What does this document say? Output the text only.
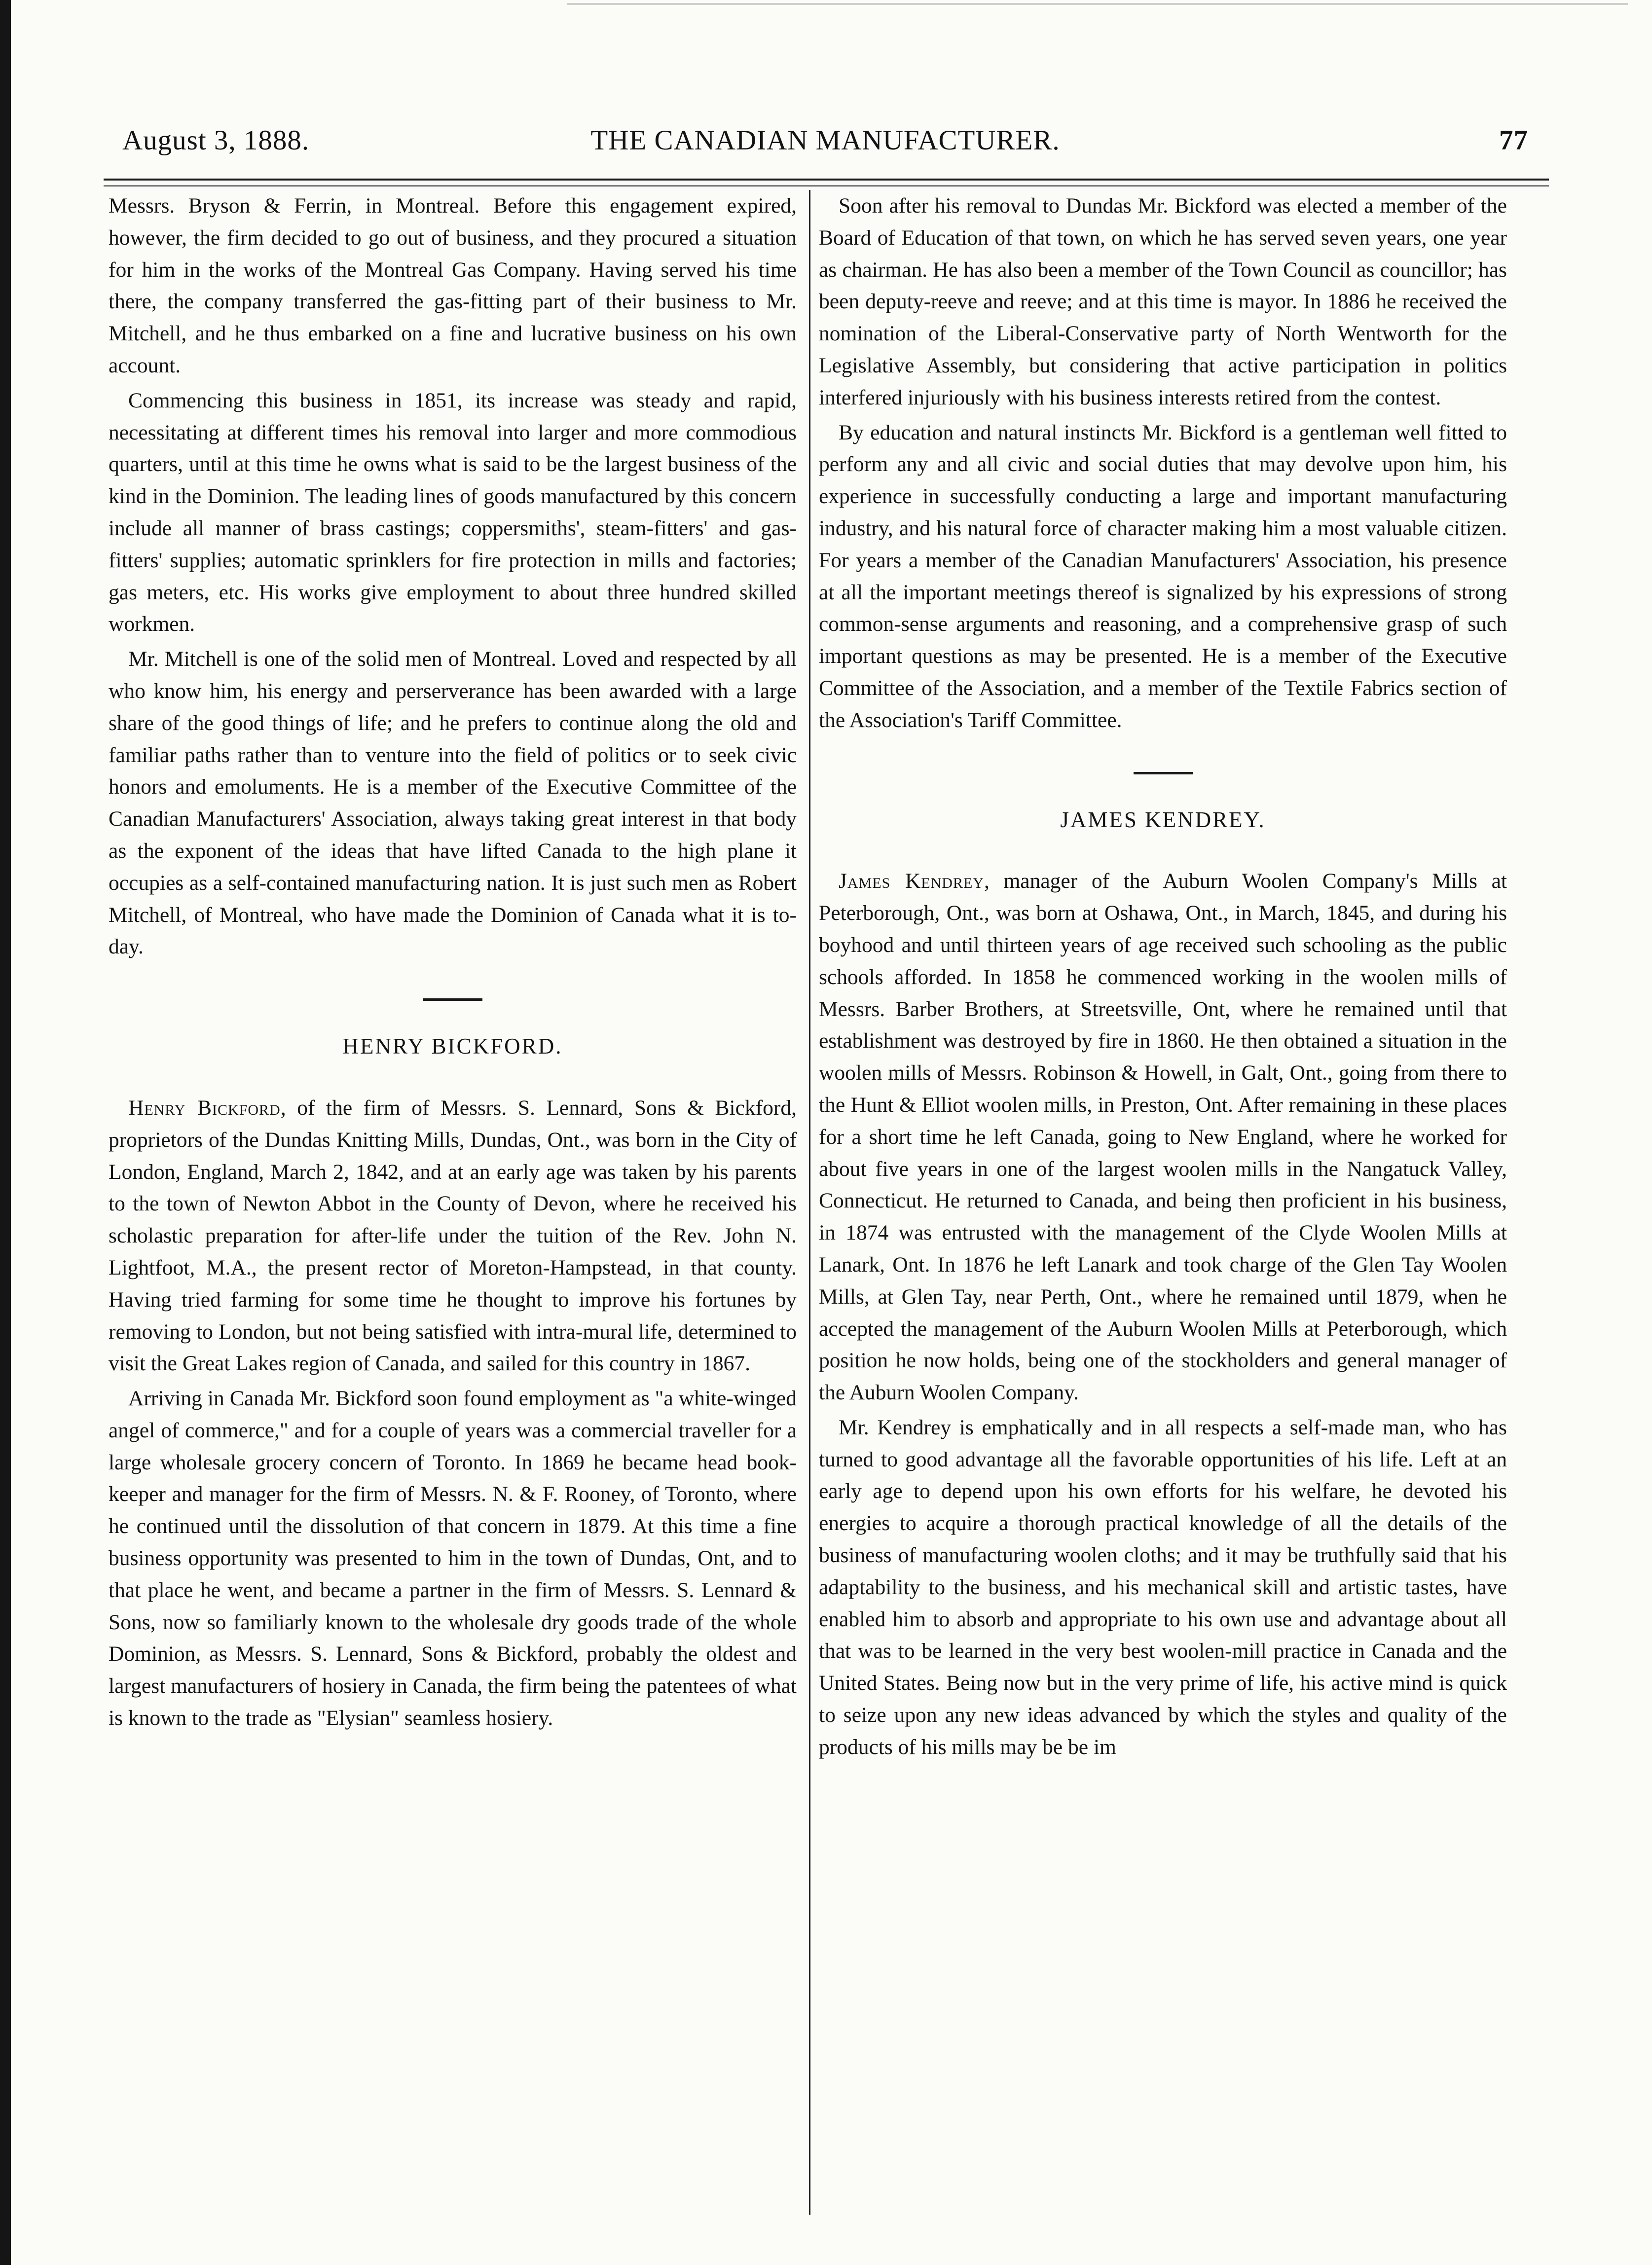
August 3, 1888.	THE CANADIAN MANUFACTURER.	77

Messrs. Bryson & Ferrin, in Montreal. Before this engagement expired, however, the firm decided to go out of business, and they procured a situation for him in the works of the Montreal Gas Company. Having served his time there, the company transferred the gas-fitting part of their business to Mr. Mitchell, and he thus embarked on a fine and lucrative business on his own account.

Commencing this business in 1851, its increase was steady and rapid, necessitating at different times his removal into larger and more commodious quarters, until at this time he owns what is said to be the largest business of the kind in the Dominion. The leading lines of goods manufactured by this concern include all manner of brass castings; coppersmiths', steam-fitters' and gas-fitters' supplies; automatic sprinklers for fire protection in mills and factories; gas meters, etc. His works give employment to about three hundred skilled workmen.

Mr. Mitchell is one of the solid men of Montreal. Loved and respected by all who know him, his energy and perserverance has been awarded with a large share of the good things of life; and he prefers to continue along the old and familiar paths rather than to venture into the field of politics or to seek civic honors and emoluments. He is a member of the Executive Committee of the Canadian Manufacturers' Association, always taking great interest in that body as the exponent of the ideas that have lifted Canada to the high plane it occupies as a self-contained manufacturing nation. It is just such men as Robert Mitchell, of Montreal, who have made the Dominion of Canada what it is to-day.

HENRY BICKFORD.

Henry Bickford, of the firm of Messrs. S. Lennard, Sons & Bickford, proprietors of the Dundas Knitting Mills, Dundas, Ont., was born in the City of London, England, March 2, 1842, and at an early age was taken by his parents to the town of Newton Abbot in the County of Devon, where he received his scholastic preparation for after-life under the tuition of the Rev. John N. Lightfoot, M.A., the present rector of Moreton-Hampstead, in that county. Having tried farming for some time he thought to improve his fortunes by removing to London, but not being satisfied with intra-mural life, determined to visit the Great Lakes region of Canada, and sailed for this country in 1867.

Arriving in Canada Mr. Bickford soon found employment as "a white-winged angel of commerce," and for a couple of years was a commercial traveller for a large wholesale grocery concern of Toronto. In 1869 he became head book-keeper and manager for the firm of Messrs. N. & F. Rooney, of Toronto, where he continued until the dissolution of that concern in 1879. At this time a fine business opportunity was presented to him in the town of Dundas, Ont, and to that place he went, and became a partner in the firm of Messrs. S. Lennard & Sons, now so familiarly known to the wholesale dry goods trade of the whole Dominion, as Messrs. S. Lennard, Sons & Bickford, probably the oldest and largest manufacturers of hosiery in Canada, the firm being the patentees of what is known to the trade as "Elysian" seamless hosiery.

Soon after his removal to Dundas Mr. Bickford was elected a member of the Board of Education of that town, on which he has served seven years, one year as chairman. He has also been a member of the Town Council as councillor; has been deputy-reeve and reeve; and at this time is mayor. In 1886 he received the nomination of the Liberal-Conservative party of North Wentworth for the Legislative Assembly, but considering that active participation in politics interfered injuriously with his business interests retired from the contest.

By education and natural instincts Mr. Bickford is a gentleman well fitted to perform any and all civic and social duties that may devolve upon him, his experience in successfully conducting a large and important manufacturing industry, and his natural force of character making him a most valuable citizen. For years a member of the Canadian Manufacturers' Association, his presence at all the important meetings thereof is signalized by his expressions of strong common-sense arguments and reasoning, and a comprehensive grasp of such important questions as may be presented. He is a member of the Executive Committee of the Association, and a member of the Textile Fabrics section of the Association's Tariff Committee.

JAMES KENDREY.

James Kendrey, manager of the Auburn Woolen Company's Mills at Peterborough, Ont., was born at Oshawa, Ont., in March, 1845, and during his boyhood and until thirteen years of age received such schooling as the public schools afforded. In 1858 he commenced working in the woolen mills of Messrs. Barber Brothers, at Streetsville, Ont, where he remained until that establishment was destroyed by fire in 1860. He then obtained a situation in the woolen mills of Messrs. Robinson & Howell, in Galt, Ont., going from there to the Hunt & Elliot woolen mills, in Preston, Ont. After remaining in these places for a short time he left Canada, going to New England, where he worked for about five years in one of the largest woolen mills in the Nangatuck Valley, Connecticut. He returned to Canada, and being then proficient in his business, in 1874 was entrusted with the management of the Clyde Woolen Mills at Lanark, Ont. In 1876 he left Lanark and took charge of the Glen Tay Woolen Mills, at Glen Tay, near Perth, Ont., where he remained until 1879, when he accepted the management of the Auburn Woolen Mills at Peterborough, which position he now holds, being one of the stockholders and general manager of the Auburn Woolen Company.

Mr. Kendrey is emphatically and in all respects a self-made man, who has turned to good advantage all the favorable opportunities of his life. Left at an early age to depend upon his own efforts for his welfare, he devoted his energies to acquire a thorough practical knowledge of all the details of the business of manufacturing woolen cloths; and it may be truthfully said that his adaptability to the business, and his mechanical skill and artistic tastes, have enabled him to absorb and appropriate to his own use and advantage about all that was to be learned in the very best woolen-mill practice in Canada and the United States. Being now but in the very prime of life, his active mind is quick to seize upon any new ideas advanced by which the styles and quality of the products of his mills may be be im
